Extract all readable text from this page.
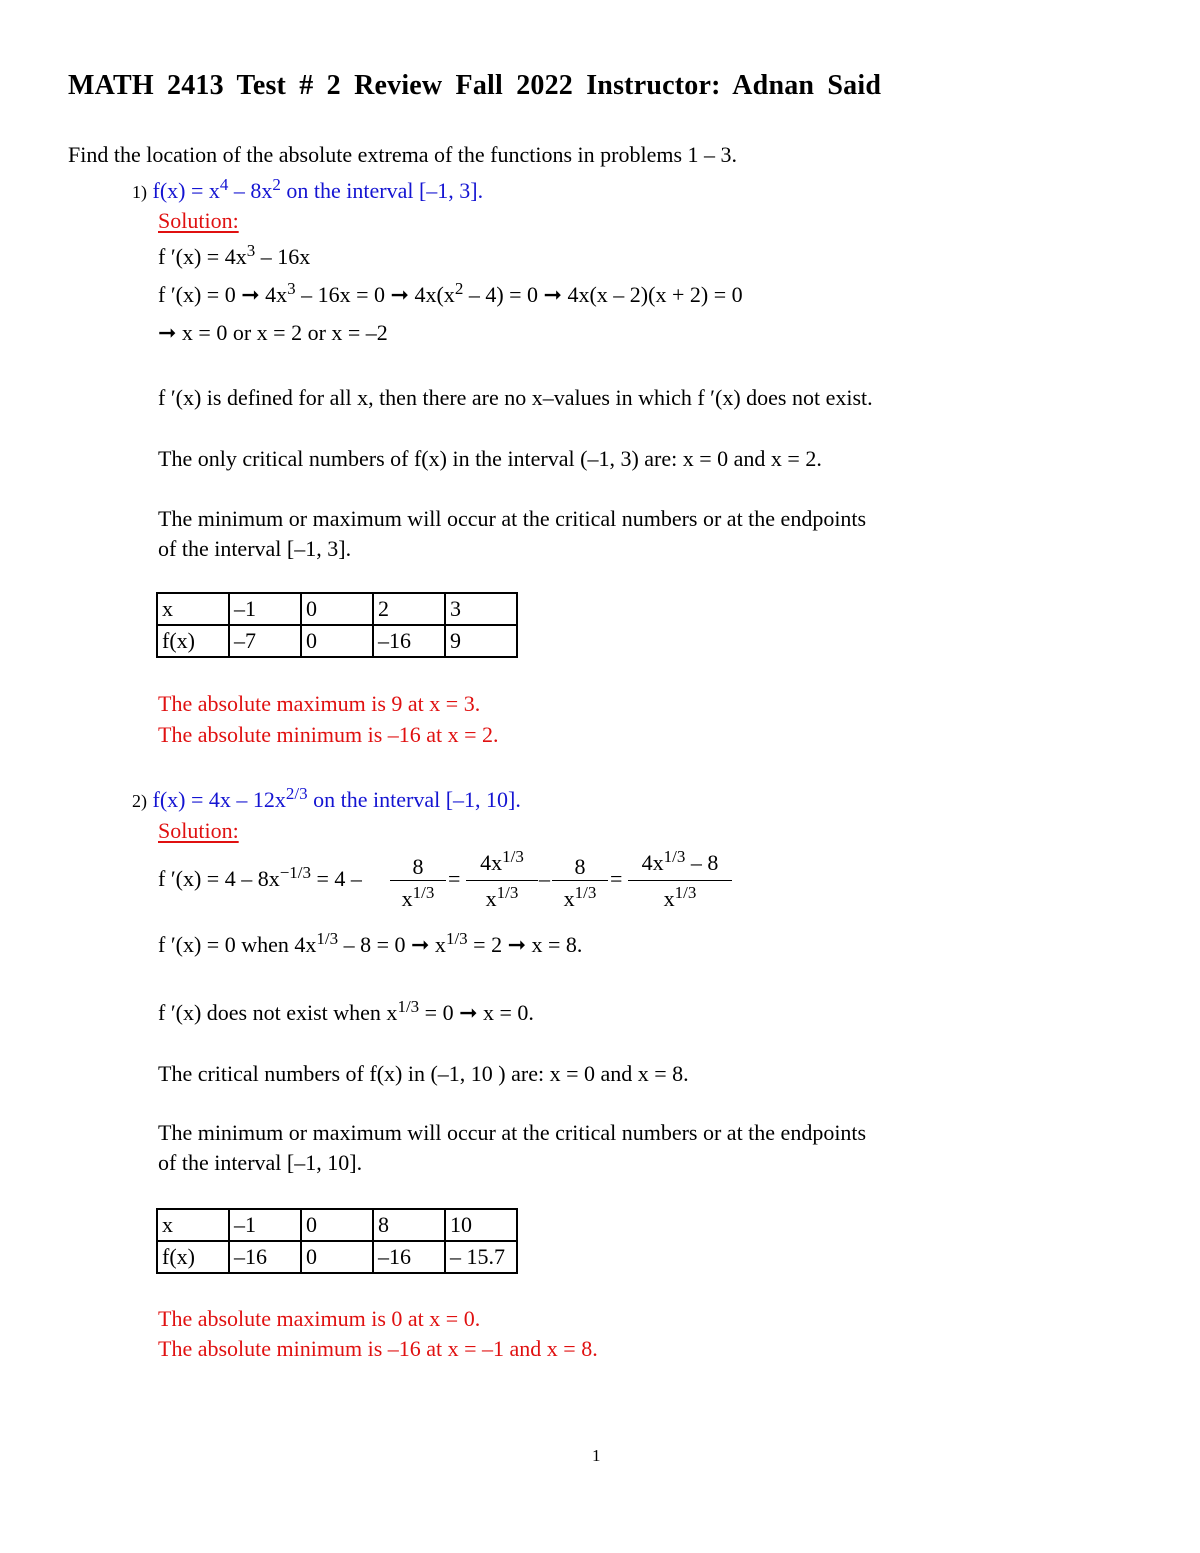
MATH 2413 Test # 2 Review Fall 2022 Instructor: Adnan Said
Find the location of the absolute extrema of the functions in problems 1 – 3.
1) $f(x) = x^4 - 8x^2$ on the interval [–1, 3].
Solution:
f $'(x) = 4x^3 - 16x$
f ′(x) = 0 ➞ $4x^3 - 16x = 0$ ➞ $4x(x^2 - 4) = 0$ ➞ 4x(x – 2)(x + 2) = 0
➞ x = 0 or x = 2 or x = –2
f ′(x) is defined for all x, then there are no x–values in which f ′(x) does not exist.
The only critical numbers of f(x) in the interval (–1, 3) are: x = 0 and x = 2.
The minimum or maximum will occur at the critical numbers or at the endpoints
of the interval [–1, 3].
x	–1	0	2	3
f(x)	–7	0	–16	9
The absolute maximum is 9 at x = 3.
The absolute minimum is –16 at x = 2.
2) $f(x) = 4x - 12x^{2/3}$ on the interval [–1, 10].
Solution:
f $'(x) = 4 - 8x^{-1/3} = 4$ –	8
$x^{1/3}$
=
$4x^{1/3}$
$x^{1/3}$
–	8
$x^{1/3}$
=
$4x^{1/3} - 8$
$x^{1/3}$
f ′(x) = 0 when $4x^{1/3} - 8 = 0$ ➞ $x^{1/3} = 2$ ➞ x = 8.
f ′(x) does not exist when $x^{1/3} = 0$ ➞ x = 0.
The critical numbers of f(x) in (–1, 10 ) are: x = 0 and x = 8.
The minimum or maximum will occur at the critical numbers or at the endpoints
of the interval [–1, 10].
x	–1	0	8	10
f(x)	–16	0	–16	– 15.7
The absolute maximum is 0 at x = 0.
The absolute minimum is –16 at x = –1 and x = 8.
1
